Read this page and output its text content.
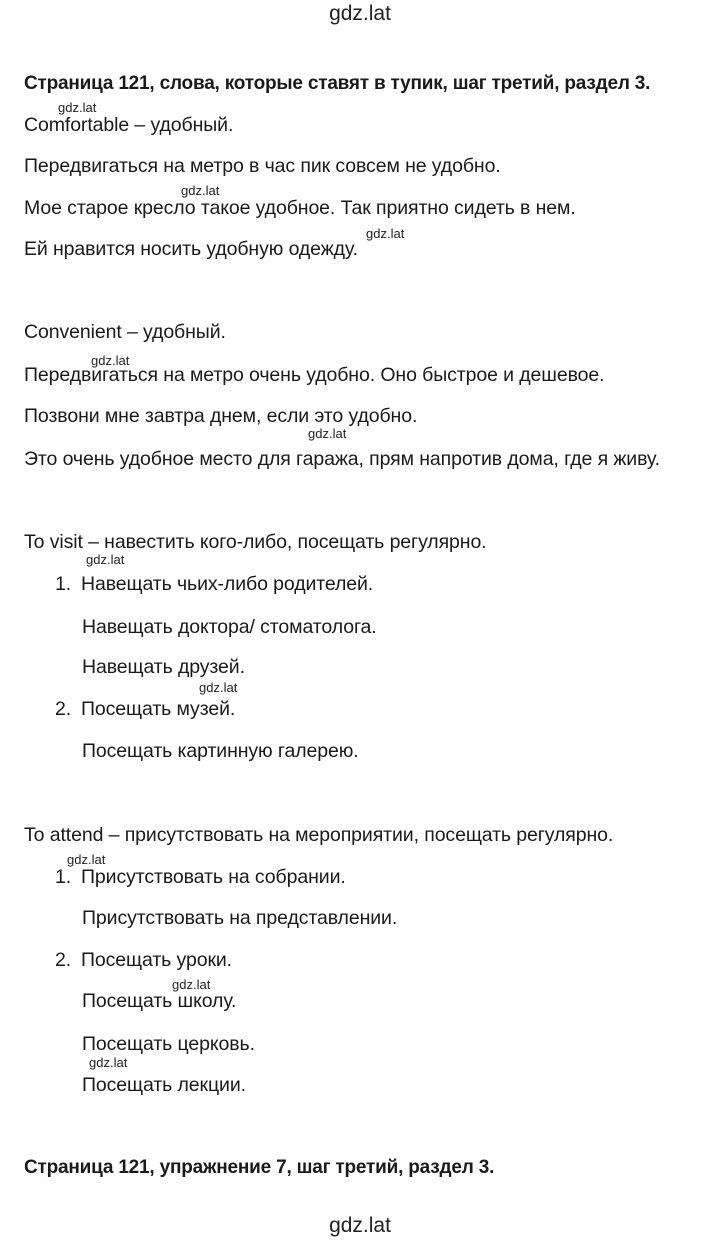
gdz.lat
Страница 121, слова, которые ставят в тупик, шаг третий, раздел 3.
Comfortable – удобный.
Передвигаться на метро в час пик совсем не удобно.
Мое старое кресло такое удобное. Так приятно сидеть в нем.
Ей нравится носить удобную одежду.
Convenient – удобный.
Передвигаться на метро очень удобно. Оно быстрое и дешевое.
Позвони мне завтра днем, если это удобно.
Это очень удобное место для гаража, прям напротив дома, где я живу.
To visit – навестить кого-либо, посещать регулярно.
1. Навещать чьих-либо родителей.
Навещать доктора/ стоматолога.
Навещать друзей.
2. Посещать музей.
Посещать картинную галерею.
To attend – присутствовать на мероприятии, посещать регулярно.
1. Присутствовать на собрании.
Присутствовать на представлении.
2. Посещать уроки.
Посещать школу.
Посещать церковь.
Посещать лекции.
Страница 121, упражнение 7, шаг третий, раздел 3.
gdz.lat
gdz.lat
gdz.lat
gdz.lat
gdz.lat
gdz.lat
gdz.lat
gdz.lat
gdz.lat
gdz.lat
gdz.lat
